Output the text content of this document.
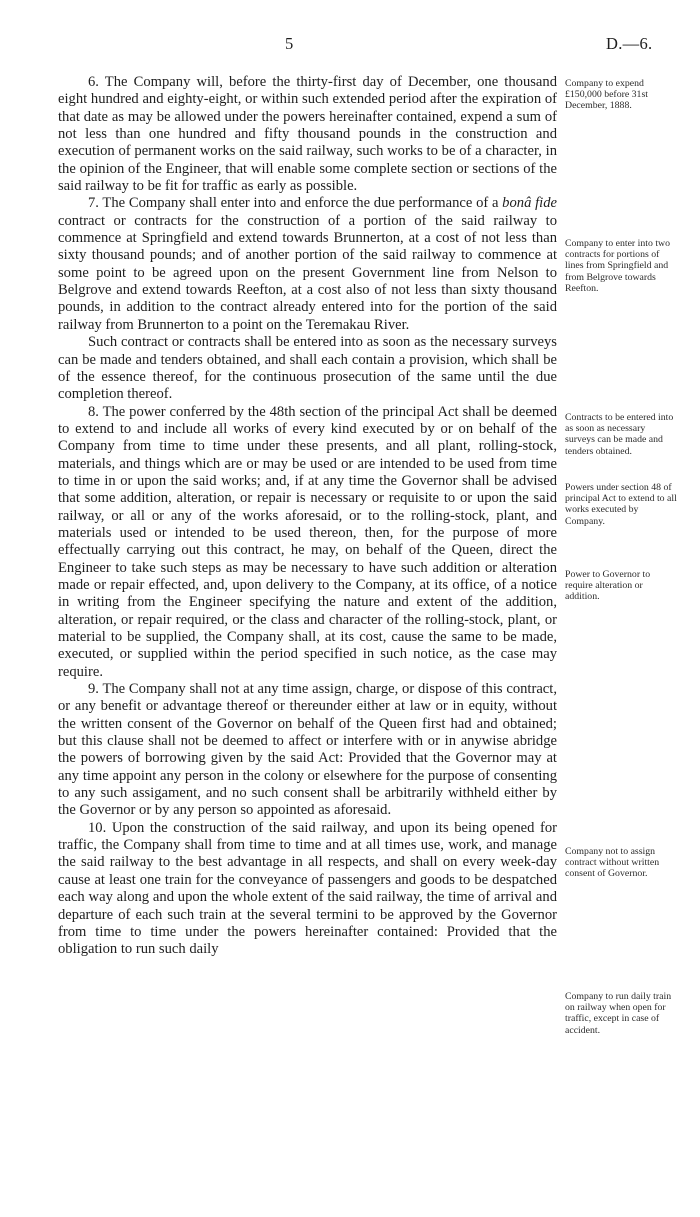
5	D.—6.

6. The Company will, before the thirty-first day of December, one thousand eight hundred and eighty-eight, or within such extended period after the expiration of that date as may be allowed under the powers hereinafter contained, expend a sum of not less than one hundred and fifty thousand pounds in the construction and execution of permanent works on the said railway, such works to be of a character, in the opinion of the Engineer, that will enable some complete section or sections of the said railway to be fit for traffic as early as possible.

7. The Company shall enter into and enforce the due performance of a bonâ fide contract or contracts for the construction of a portion of the said railway to commence at Springfield and extend towards Brunnerton, at a cost of not less than sixty thousand pounds; and of another portion of the said railway to commence at some point to be agreed upon on the present Government line from Nelson to Belgrove and extend towards Reefton, at a cost also of not less than sixty thousand pounds, in addition to the contract already entered into for the portion of the said railway from Brunnerton to a point on the Teremakau River.

Such contract or contracts shall be entered into as soon as the necessary surveys can be made and tenders obtained, and shall each contain a provision, which shall be of the essence thereof, for the continuous prosecution of the same until the due completion thereof.

8. The power conferred by the 48th section of the principal Act shall be deemed to extend to and include all works of every kind executed by or on behalf of the Company from time to time under these presents, and all plant, rolling-stock, materials, and things which are or may be used or are intended to be used from time to time in or upon the said works; and, if at any time the Governor shall be advised that some addition, alteration, or repair is necessary or requisite to or upon the said railway, or all or any of the works aforesaid, or to the rolling-stock, plant, and materials used or intended to be used thereon, then, for the purpose of more effectually carrying out this contract, he may, on behalf of the Queen, direct the Engineer to take such steps as may be necessary to have such addition or alteration made or repair effected, and, upon delivery to the Company, at its office, of a notice in writing from the Engineer specifying the nature and extent of the addition, alteration, or repair required, or the class and character of the rolling-stock, plant, or material to be supplied, the Company shall, at its cost, cause the same to be made, executed, or supplied within the period specified in such notice, as the case may require.

9. The Company shall not at any time assign, charge, or dispose of this contract, or any benefit or advantage thereof or thereunder either at law or in equity, without the written consent of the Governor on behalf of the Queen first had and obtained; but this clause shall not be deemed to affect or interfere with or in anywise abridge the powers of borrowing given by the said Act: Provided that the Governor may at any time appoint any person in the colony or elsewhere for the purpose of consenting to any such assigament, and no such consent shall be arbitrarily withheld either by the Governor or by any person so appointed as aforesaid.

10. Upon the construction of the said railway, and upon its being opened for traffic, the Company shall from time to time and at all times use, work, and manage the said railway to the best advantage in all respects, and shall on every week-day cause at least one train for the conveyance of passengers and goods to be despatched each way along and upon the whole extent of the said railway, the time of arrival and departure of each such train at the several termini to be approved by the Governor from time to time under the powers hereinafter contained: Provided that the obligation to run such daily

Company to expend £150,000 before 31st December, 1888.
Company to enter into two contracts for portions of lines from Springfield and from Belgrove towards Reefton.
Contracts to be entered into as soon as necessary surveys can be made and tenders obtained.
Powers under section 48 of principal Act to extend to all works executed by Company.
Power to Governor to require alteration or addition.
Company not to assign contract without written consent of Governor.
Company to run daily train on railway when open for traffic, except in case of accident.
